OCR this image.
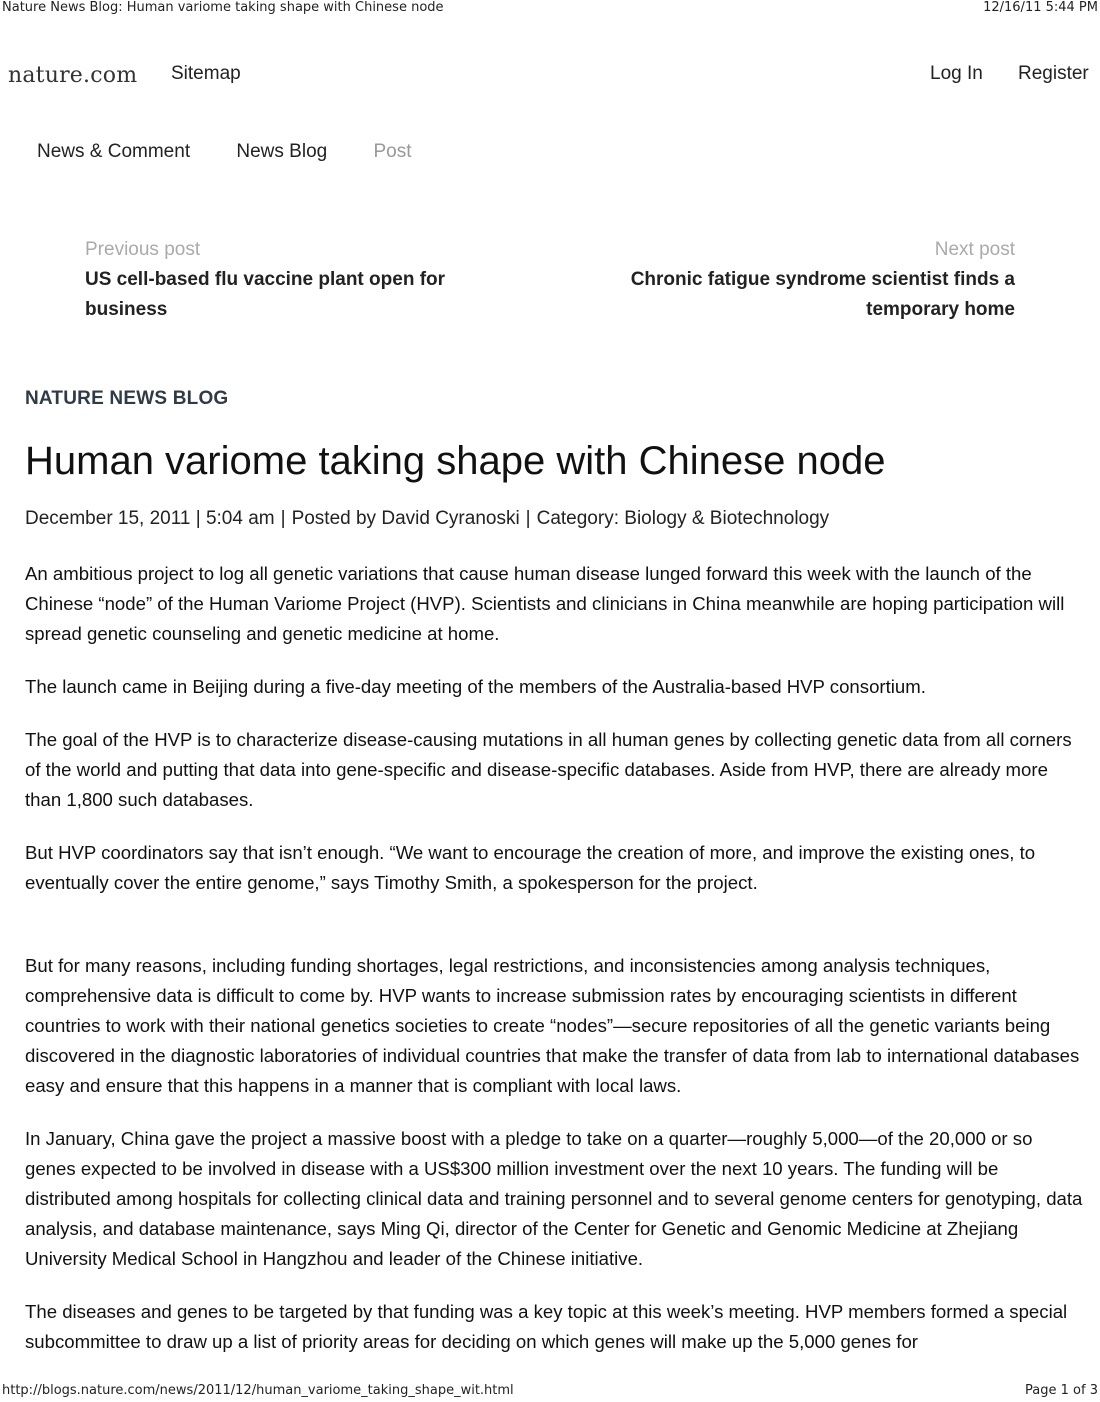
Nature News Blog: Human variome taking shape with Chinese node	12/16/11 5:44 PM
nature.com Sitemap	Log In Register
News & Comment News Blog Post
Previous post
US cell-based flu vaccine plant open for business
Next post
Chronic fatigue syndrome scientist finds a temporary home
NATURE NEWS BLOG
Human variome taking shape with Chinese node
December 15, 2011 | 5:04 am | Posted by David Cyranoski | Category: Biology & Biotechnology

An ambitious project to log all genetic variations that cause human disease lunged forward this week with the launch of the Chinese “node” of the Human Variome Project (HVP). Scientists and clinicians in China meanwhile are hoping participation will spread genetic counseling and genetic medicine at home.

The launch came in Beijing during a five-day meeting of the members of the Australia-based HVP consortium.

The goal of the HVP is to characterize disease-causing mutations in all human genes by collecting genetic data from all corners of the world and putting that data into gene-specific and disease-specific databases. Aside from HVP, there are already more than 1,800 such databases.

But HVP coordinators say that isn’t enough. “We want to encourage the creation of more, and improve the existing ones, to eventually cover the entire genome,” says Timothy Smith, a spokesperson for the project.

But for many reasons, including funding shortages, legal restrictions, and inconsistencies among analysis techniques, comprehensive data is difficult to come by. HVP wants to increase submission rates by encouraging scientists in different countries to work with their national genetics societies to create “nodes”—secure repositories of all the genetic variants being discovered in the diagnostic laboratories of individual countries that make the transfer of data from lab to international databases easy and ensure that this happens in a manner that is compliant with local laws.

In January, China gave the project a massive boost with a pledge to take on a quarter—roughly 5,000—of the 20,000 or so genes expected to be involved in disease with a US$300 million investment over the next 10 years. The funding will be distributed among hospitals for collecting clinical data and training personnel and to several genome centers for genotyping, data analysis, and database maintenance, says Ming Qi, director of the Center for Genetic and Genomic Medicine at Zhejiang University Medical School in Hangzhou and leader of the Chinese initiative.

The diseases and genes to be targeted by that funding was a key topic at this week’s meeting. HVP members formed a special subcommittee to draw up a list of priority areas for deciding on which genes will make up the 5,000 genes for

http://blogs.nature.com/news/2011/12/human_variome_taking_shape_wit.html	Page 1 of 3
